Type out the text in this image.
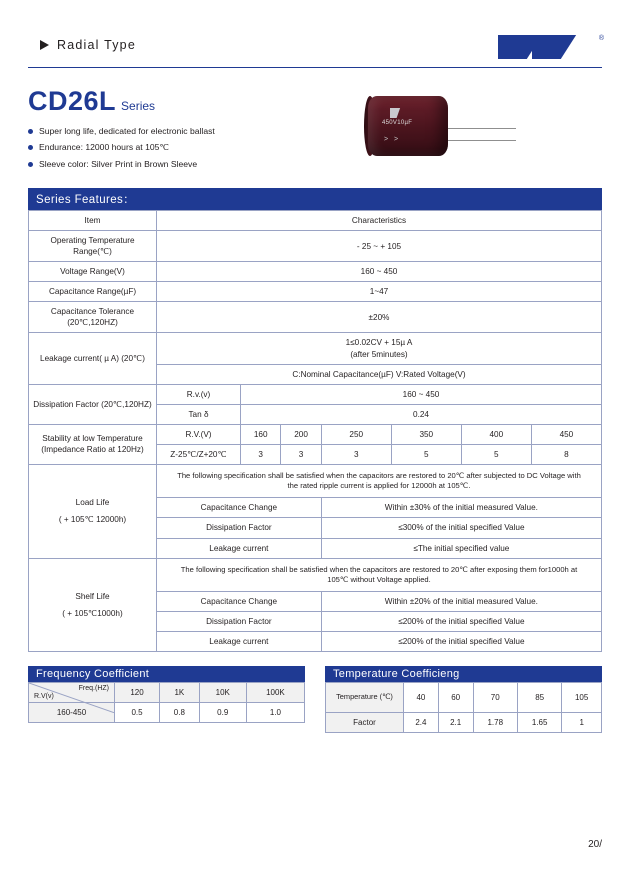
Radial Type	®
CD26L Series
Super long life, dedicated for electronic ballast
Endurance: 12000 hours at 105℃
Sleeve color: Silver Print in Brown Sleeve
450V10µF
> >
Series Features：
Item	Characteristics						
Operating Temperature Range(℃)	- 25 ~ + 105						
Voltage Range(V)	160 ~ 450						
Capacitance Range(µF)	1~47						
Capacitance Tolerance (20℃,120HZ)	±20%						
Leakage current( µ A) (20℃)	1≤0.02CV + 15µ A
(after 5minutes)						
	C:Nominal Capacitance(µF) V:Rated Voltage(V)						
Dissipation Factor (20℃,120HZ)	R.v.(v)	160 ~ 450					
	Tan δ	0.24					
Stability at low Temperature (Impedance Ratio at 120Hz)	R.V.(V)	160	200	250	350	400	450
	Z-25℃/Z+20℃	3	3	3	5	5	8

Load Life
( + 105℃ 12000h)	The following specification shall be satisfied when the capacitors are restored to 20℃ after subjected to DC Voltage with the rated ripple current is applied for 12000h at 105℃.						
	Capacitance Change			Within ±30% of the initial measured Value.			
	Dissipation Factor			≤300% of the initial specified Value			
	Leakage current			≤The initial specified value			

Shelf Life
( + 105℃1000h)	The following specification shall be satisfied when the capacitors are restored to 20℃ after exposing them for1000h at 105℃ without Voltage applied.						
	Capacitance Change			Within ±20% of the initial measured Value.			
	Dissipation Factor			≤200% of the initial specified Value			
	Leakage current			≤200% of the initial specified Value			
Frequency Coefficient
Freq.(HZ)
R.V(v)	120	1K	10K	100K
160-450	0.5	0.8	0.9	1.0
Temperature Coefficieng
Temperature (℃)	40	60	70	85	105
Factor	2.4	2.1	1.78	1.65	1
20/
